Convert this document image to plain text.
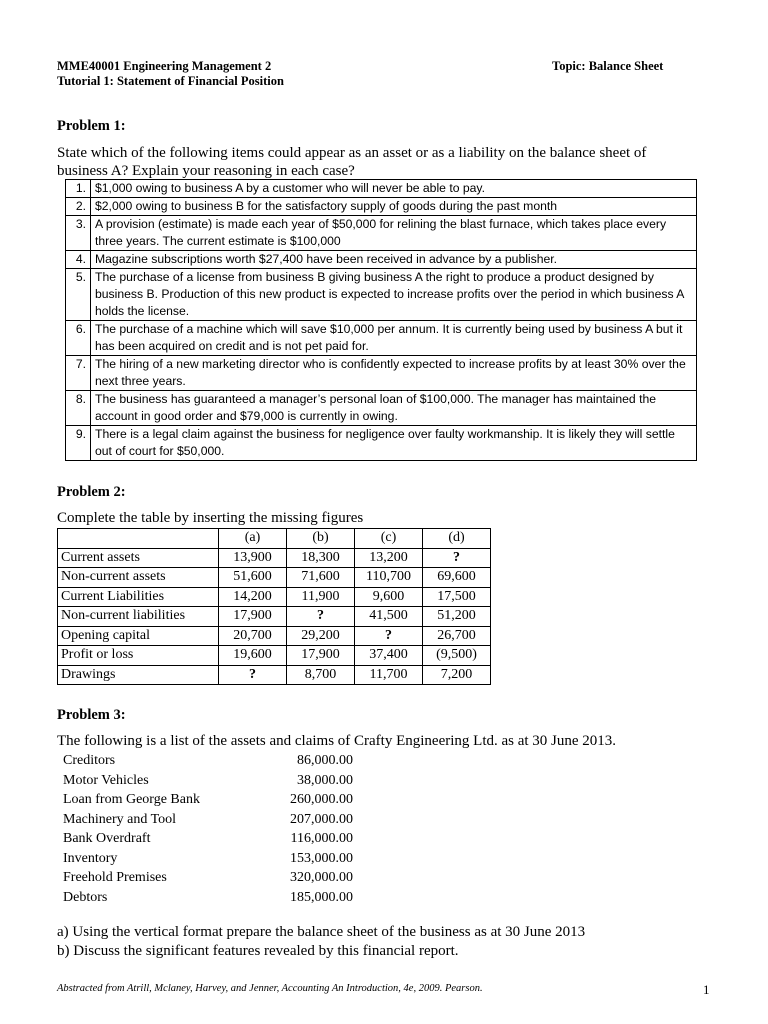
MME40001 Engineering Management 2
Tutorial 1: Statement of Financial Position
Topic: Balance Sheet
Problem 1:
State which of the following items could appear as an asset or as a liability on the balance sheet of
business A? Explain your reasoning in each case?
1.	$1,000 owing to business A by a customer who will never be able to pay.
2.	$2,000 owing to business B for the satisfactory supply of goods during the past month
3.	A provision (estimate) is made each year of $50,000 for relining the blast furnace, which takes place every three years. The current estimate is $100,000
4.	Magazine subscriptions worth $27,400 have been received in advance by a publisher.
5.	The purchase of a license from business B giving business A the right to produce a product designed by business B. Production of this new product is expected to increase profits over the period in which business A holds the license.
6.	The purchase of a machine which will save $10,000 per annum. It is currently being used by business A but it has been acquired on credit and is not pet paid for.
7.	The hiring of a new marketing director who is confidently expected to increase profits by at least 30% over the next three years.
8.	The business has guaranteed a manager’s personal loan of $100,000. The manager has maintained the account in good order and $79,000 is currently in owing.
9.	There is a legal claim against the business for negligence over faulty workmanship. It is likely they will settle out of court for $50,000.
Problem 2:
Complete the table by inserting the missing figures
	(a)	(b)	(c)	(d)
Current assets	13,900	18,300	13,200	?
Non-current assets	51,600	71,600	110,700	69,600
Current Liabilities	14,200	11,900	9,600	17,500
Non-current liabilities	17,900	?	41,500	51,200
Opening capital	20,700	29,200	?	26,700
Profit or loss	19,600	17,900	37,400	(9,500)
Drawings	?	8,700	11,700	7,200
Problem 3:
The following is a list of the assets and claims of Crafty Engineering Ltd. as at 30 June 2013.
Creditors	86,000.00
Motor Vehicles	38,000.00
Loan from George Bank	260,000.00
Machinery and Tool	207,000.00
Bank Overdraft	116,000.00
Inventory	153,000.00
Freehold Premises	320,000.00
Debtors	185,000.00
a) Using the vertical format prepare the balance sheet of the business as at 30 June 2013
b) Discuss the significant features revealed by this financial report.
Abstracted from Atrill, Mclaney, Harvey, and Jenner, Accounting An Introduction, 4e, 2009. Pearson.	1
